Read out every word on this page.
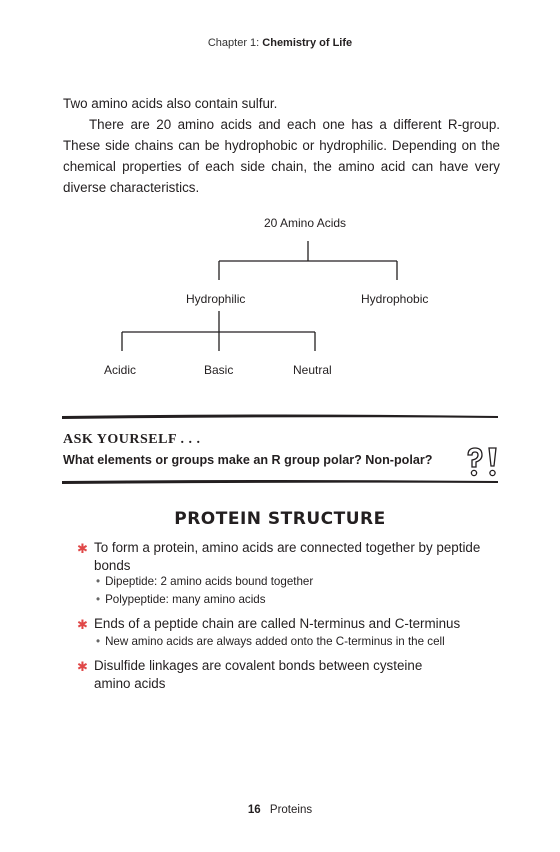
Chapter 1: Chemistry of Life

Two amino acids also contain sulfur.

There are 20 amino acids and each one has a different R-group. These side chains can be hydrophobic or hydrophilic. Depending on the chemical properties of each side chain, the amino acid can have very diverse characteristics.

20 Amino Acids
Hydrophilic	Hydrophobic
Acidic	Basic	Neutral
ASK YOURSELF . . .
What elements or groups make an R group polar? Non-polar?
PROTEIN STRUCTURE
✱ To form a protein, amino acids are connected together by peptide bonds
• Dipeptide: 2 amino acids bound together
• Polypeptide: many amino acids
✱ Ends of a peptide chain are called N-terminus and C-terminus
• New amino acids are always added onto the C-terminus in the cell
✱ Disulfide linkages are covalent bonds between cysteine amino acids
16 Proteins
